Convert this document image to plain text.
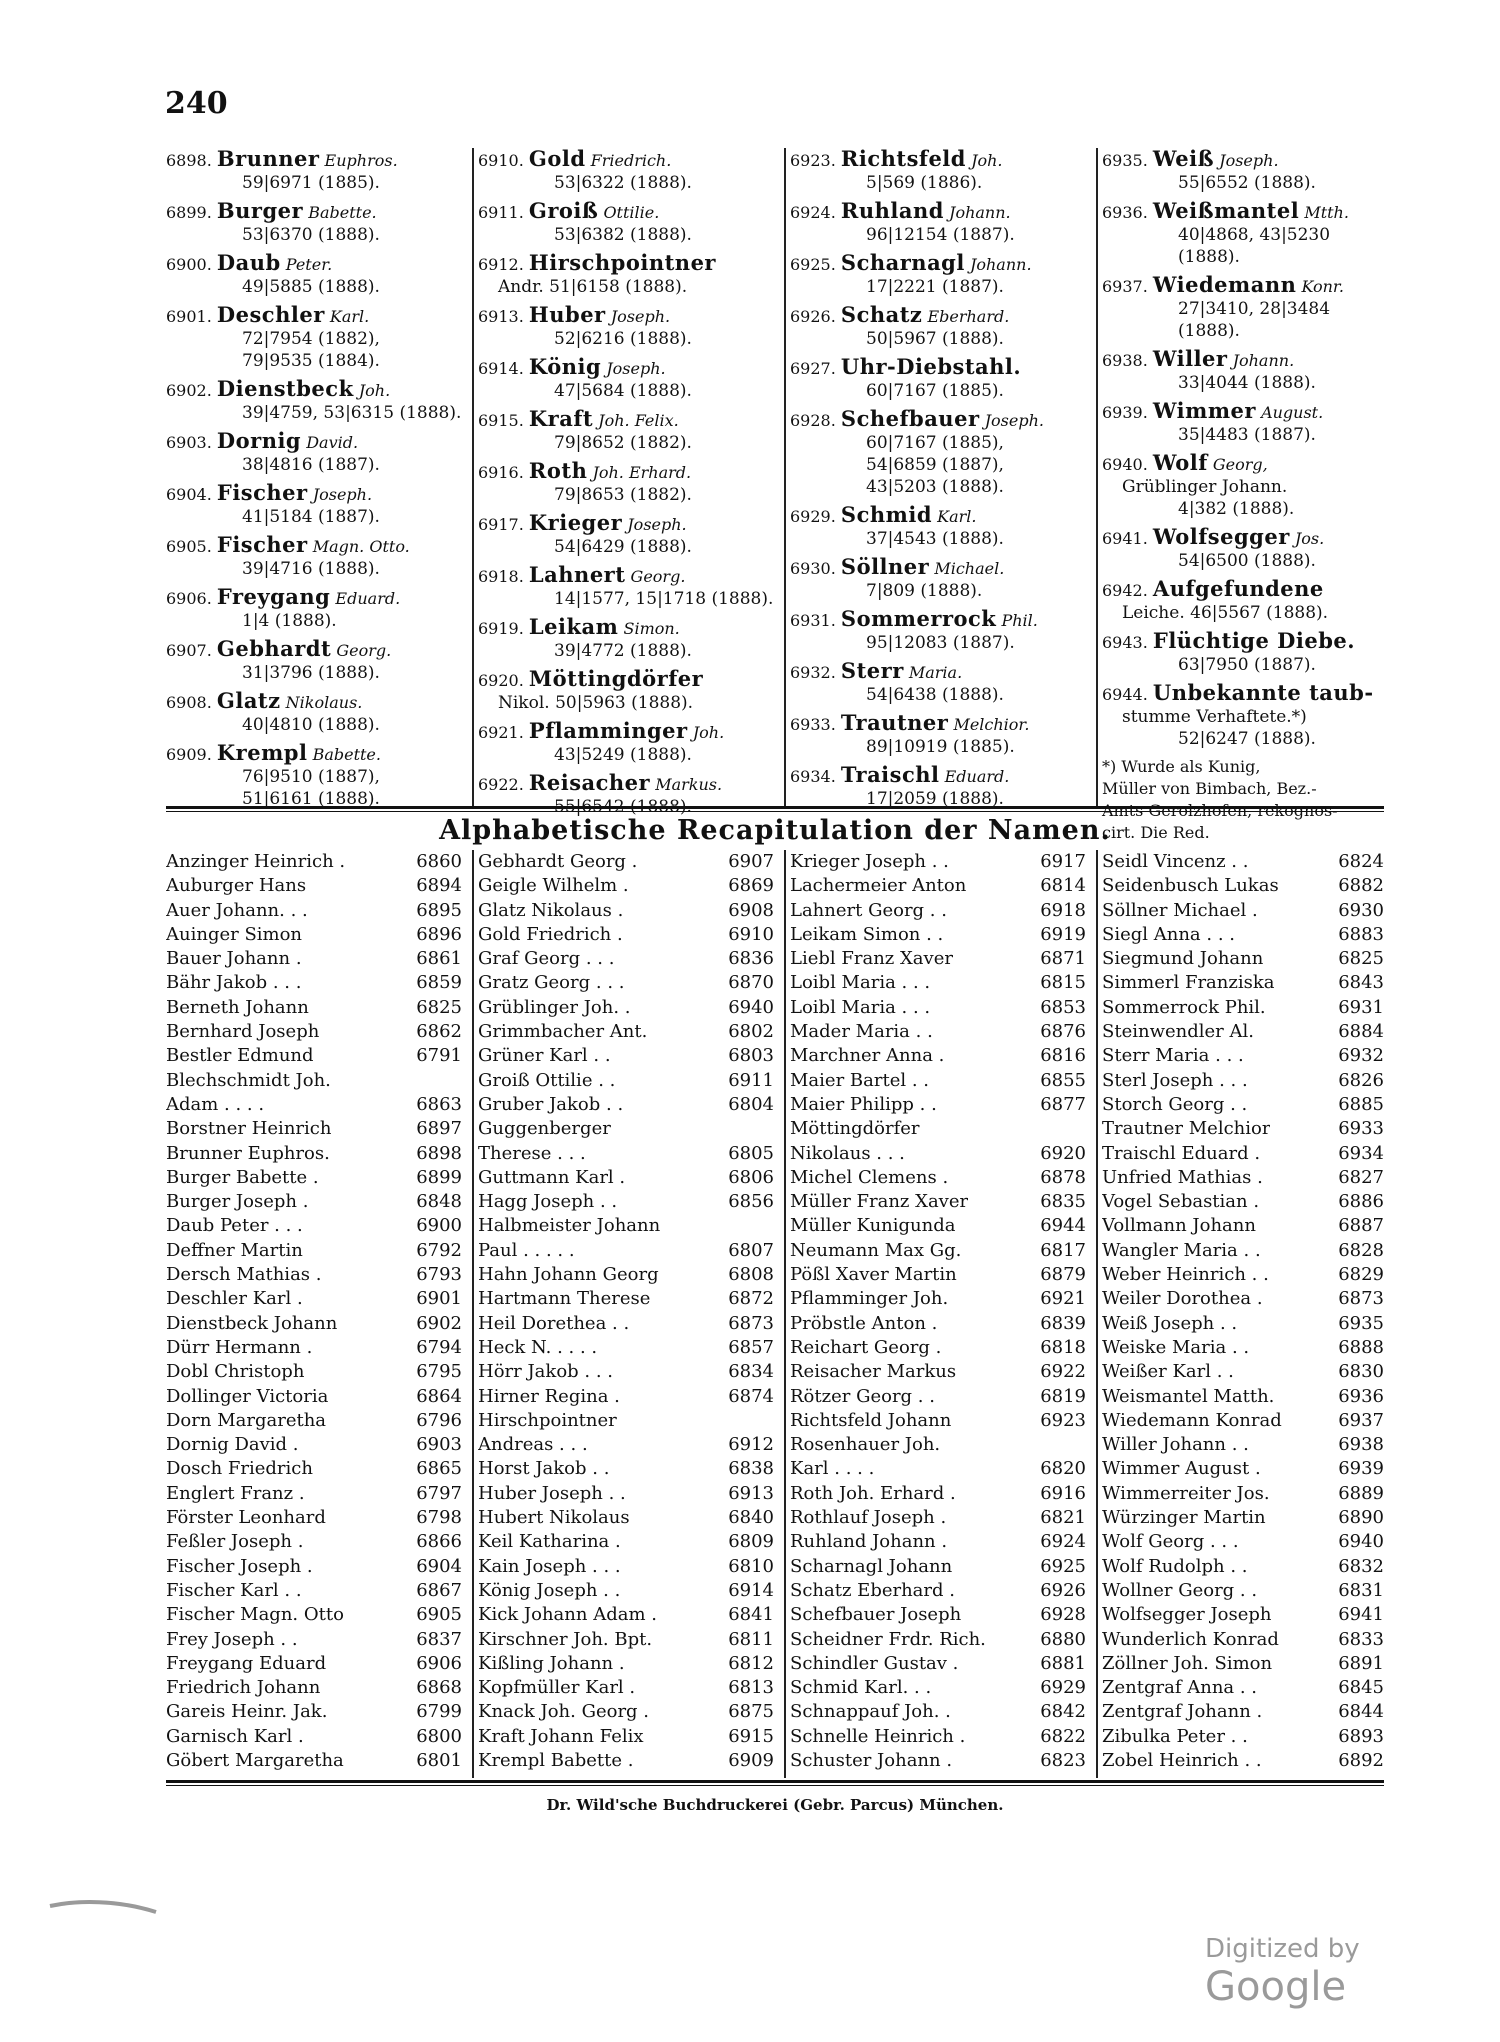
240
6898. Brunner Euphros.
59|6971 (1885).
6899. Burger Babette.
53|6370 (1888).
6900. Daub Peter.
49|5885 (1888).
6901. Deschler Karl.
72|7954 (1882),
79|9535 (1884).
6902. Dienstbeck Joh.
39|4759, 53|6315 (1888).
6903. Dornig David.
38|4816 (1887).
6904. Fischer Joseph.
41|5184 (1887).
6905. Fischer Magn. Otto.
39|4716 (1888).
6906. Freygang Eduard.
1|4 (1888).
6907. Gebhardt Georg.
31|3796 (1888).
6908. Glatz Nikolaus.
40|4810 (1888).
6909. Krempl Babette.
76|9510 (1887),
51|6161 (1888).
6910. Gold Friedrich.
53|6322 (1888).
6911. Groiß Ottilie.
53|6382 (1888).
6912. Hirschpointner
Andr. 51|6158 (1888).
6913. Huber Joseph.
52|6216 (1888).
6914. König Joseph.
47|5684 (1888).
6915. Kraft Joh. Felix.
79|8652 (1882).
6916. Roth Joh. Erhard.
79|8653 (1882).
6917. Krieger Joseph.
54|6429 (1888).
6918. Lahnert Georg.
14|1577, 15|1718 (1888).
6919. Leikam Simon.
39|4772 (1888).
6920. Möttingdörfer
Nikol. 50|5963 (1888).
6921. Pflamminger Joh.
43|5249 (1888).
6922. Reisacher Markus.
55|6542 (1888).
6923. Richtsfeld Joh.
5|569 (1886).
6924. Ruhland Johann.
96|12154 (1887).
6925. Scharnagl Johann.
17|2221 (1887).
6926. Schatz Eberhard.
50|5967 (1888).
6927. Uhr-Diebstahl.
60|7167 (1885).
6928. Schefbauer Joseph.
60|7167 (1885),
54|6859 (1887),
43|5203 (1888).
6929. Schmid Karl.
37|4543 (1888).
6930. Söllner Michael.
7|809 (1888).
6931. Sommerrock Phil.
95|12083 (1887).
6932. Sterr Maria.
54|6438 (1888).
6933. Trautner Melchior.
89|10919 (1885).
6934. Traischl Eduard.
17|2059 (1888).
6935. Weiß Joseph.
55|6552 (1888).
6936. Weißmantel Mtth.
40|4868, 43|5230 (1888).
6937. Wiedemann Konr.
27|3410, 28|3484 (1888).
6938. Willer Johann.
33|4044 (1888).
6939. Wimmer August.
35|4483 (1887).
6940. Wolf Georg,
Grüblinger Johann.
4|382 (1888).
6941. Wolfsegger Jos.
54|6500 (1888).
6942. Aufgefundene
Leiche. 46|5567 (1888).
6943. Flüchtige Diebe.
63|7950 (1887).
6944. Unbekannte taub-
stumme Verhaftete.*)
52|6247 (1888).
*) Wurde als Kunig,
Müller von Bimbach, Bez.-
Amts Gerolzhofen, rekognos-
cirt. Die Red.
Alphabetische Recapitulation der Namen.
Anzinger Heinrich .	6860
Auburger Hans	6894
Auer Johann. . .	6895
Auinger Simon	6896
Bauer Johann .	6861
Bähr Jakob . . .	6859
Berneth Johann	6825
Bernhard Joseph	6862
Bestler Edmund	6791
Blechschmidt Joh.
Adam . . . .	6863
Borstner Heinrich	6897
Brunner Euphros.	6898
Burger Babette .	6899
Burger Joseph .	6848
Daub Peter . . .	6900
Deffner Martin	6792
Dersch Mathias .	6793
Deschler Karl .	6901
Dienstbeck Johann	6902
Dürr Hermann .	6794
Dobl Christoph	6795
Dollinger Victoria	6864
Dorn Margaretha	6796
Dornig David .	6903
Dosch Friedrich	6865
Englert Franz .	6797
Förster Leonhard	6798
Feßler Joseph .	6866
Fischer Joseph .	6904
Fischer Karl . .	6867
Fischer Magn. Otto	6905
Frey Joseph . .	6837
Freygang Eduard	6906
Friedrich Johann	6868
Gareis Heinr. Jak.	6799
Garnisch Karl .	6800
Göbert Margaretha	6801
Gebhardt Georg .	6907
Geigle Wilhelm .	6869
Glatz Nikolaus .	6908
Gold Friedrich .	6910
Graf Georg . . .	6836
Gratz Georg . . .	6870
Grüblinger Joh. .	6940
Grimmbacher Ant.	6802
Grüner Karl . .	6803
Groiß Ottilie . .	6911
Gruber Jakob . .	6804
Guggenberger
Therese . . .	6805
Guttmann Karl .	6806
Hagg Joseph . .	6856
Halbmeister Johann
Paul . . . . .	6807
Hahn Johann Georg	6808
Hartmann Therese	6872
Heil Dorethea . .	6873
Heck N. . . . .	6857
Hörr Jakob . . .	6834
Hirner Regina .	6874
Hirschpointner
Andreas . . .	6912
Horst Jakob . .	6838
Huber Joseph . .	6913
Hubert Nikolaus	6840
Keil Katharina .	6809
Kain Joseph . . .	6810
König Joseph . .	6914
Kick Johann Adam .	6841
Kirschner Joh. Bpt.	6811
Kißling Johann .	6812
Kopfmüller Karl .	6813
Knack Joh. Georg .	6875
Kraft Johann Felix	6915
Krempl Babette .	6909
Krieger Joseph . .	6917
Lachermeier Anton	6814
Lahnert Georg . .	6918
Leikam Simon . .	6919
Liebl Franz Xaver	6871
Loibl Maria . . .	6815
Loibl Maria . . .	6853
Mader Maria . .	6876
Marchner Anna .	6816
Maier Bartel . .	6855
Maier Philipp . .	6877
Möttingdörfer
Nikolaus . . .	6920
Michel Clemens .	6878
Müller Franz Xaver	6835
Müller Kunigunda	6944
Neumann Max Gg.	6817
Pößl Xaver Martin	6879
Pflamminger Joh.	6921
Pröbstle Anton .	6839
Reichart Georg .	6818
Reisacher Markus	6922
Rötzer Georg . .	6819
Richtsfeld Johann	6923
Rosenhauer Joh.
Karl . . . .	6820
Roth Joh. Erhard .	6916
Rothlauf Joseph .	6821
Ruhland Johann .	6924
Scharnagl Johann	6925
Schatz Eberhard .	6926
Schefbauer Joseph	6928
Scheidner Frdr. Rich.	6880
Schindler Gustav .	6881
Schmid Karl. . .	6929
Schnappauf Joh. .	6842
Schnelle Heinrich .	6822
Schuster Johann .	6823
Seidl Vincenz . .	6824
Seidenbusch Lukas	6882
Söllner Michael .	6930
Siegl Anna . . .	6883
Siegmund Johann	6825
Simmerl Franziska	6843
Sommerrock Phil.	6931
Steinwendler Al.	6884
Sterr Maria . . .	6932
Sterl Joseph . . .	6826
Storch Georg . .	6885
Trautner Melchior	6933
Traischl Eduard .	6934
Unfried Mathias .	6827
Vogel Sebastian .	6886
Vollmann Johann	6887
Wangler Maria . .	6828
Weber Heinrich . .	6829
Weiler Dorothea .	6873
Weiß Joseph . .	6935
Weiske Maria . .	6888
Weißer Karl . .	6830
Weismantel Matth.	6936
Wiedemann Konrad	6937
Willer Johann . .	6938
Wimmer August .	6939
Wimmerreiter Jos.	6889
Würzinger Martin	6890
Wolf Georg . . .	6940
Wolf Rudolph . .	6832
Wollner Georg . .	6831
Wolfsegger Joseph	6941
Wunderlich Konrad	6833
Zöllner Joh. Simon	6891
Zentgraf Anna . .	6845
Zentgraf Johann .	6844
Zibulka Peter . .	6893
Zobel Heinrich . .	6892
Dr. Wild'sche Buchdruckerei (Gebr. Parcus) München.
Digitized by Google
